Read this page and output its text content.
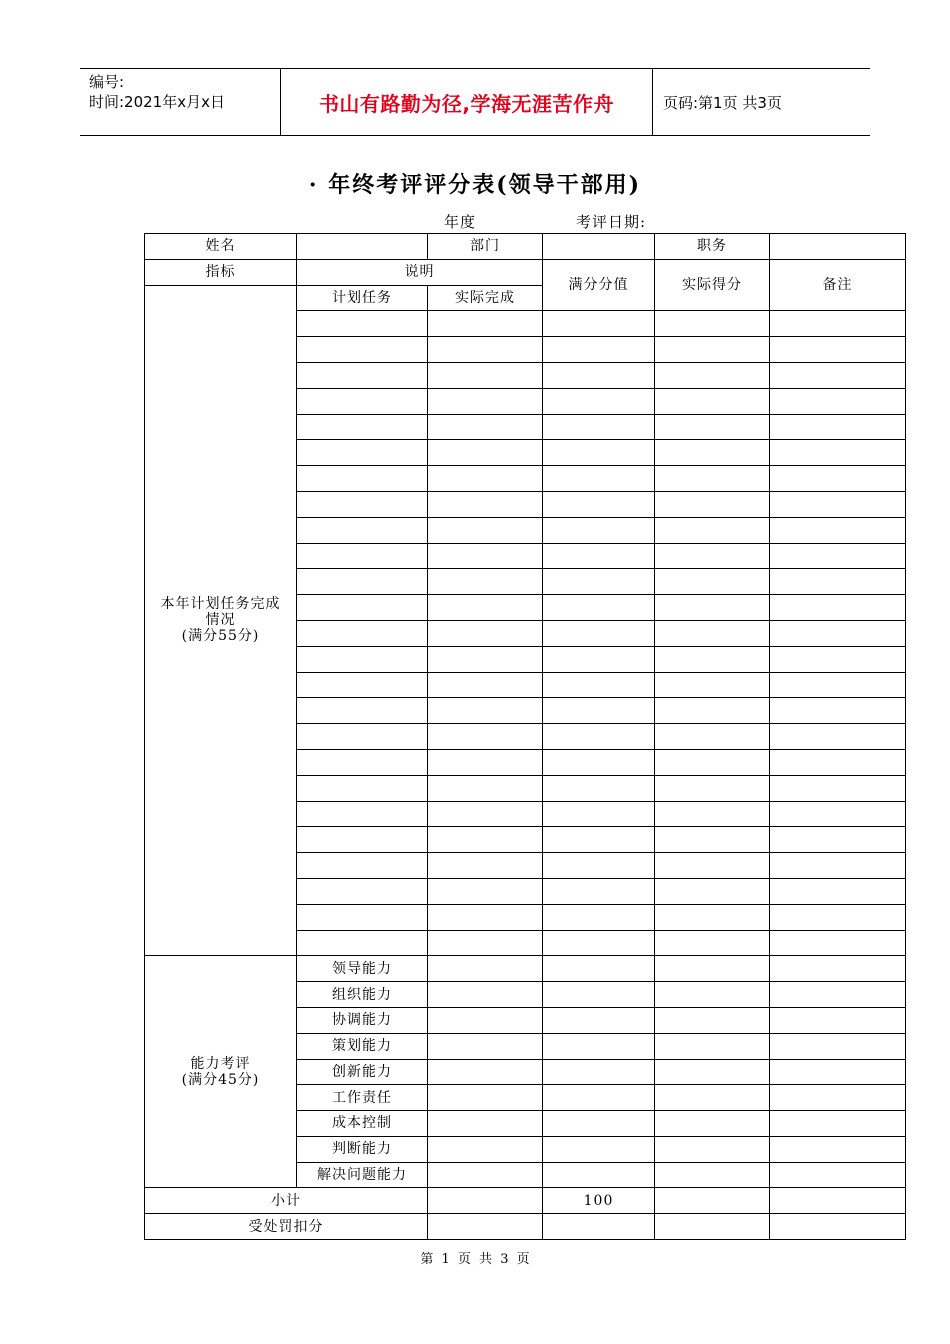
编号:
时间:2021年x月x日	书山有路勤为径,学海无涯苦作舟	页码:第1页 共3页
· 年终考评评分表(领导干部用)
年度	考评日期:
姓名		部门		职务	
指标	说明		满分分值	实际得分	备注

本年计划任务完成
情况
(满分55分)	计划任务	实际完成			

能力考评
(满分45分)	领导能力				
	组织能力				
	协调能力				
	策划能力				
	创新能力				
	工作责任				
	成本控制				
	判断能力				
	解决问题能力				
小计			100		
受处罚扣分					
第 1 页 共 3 页
